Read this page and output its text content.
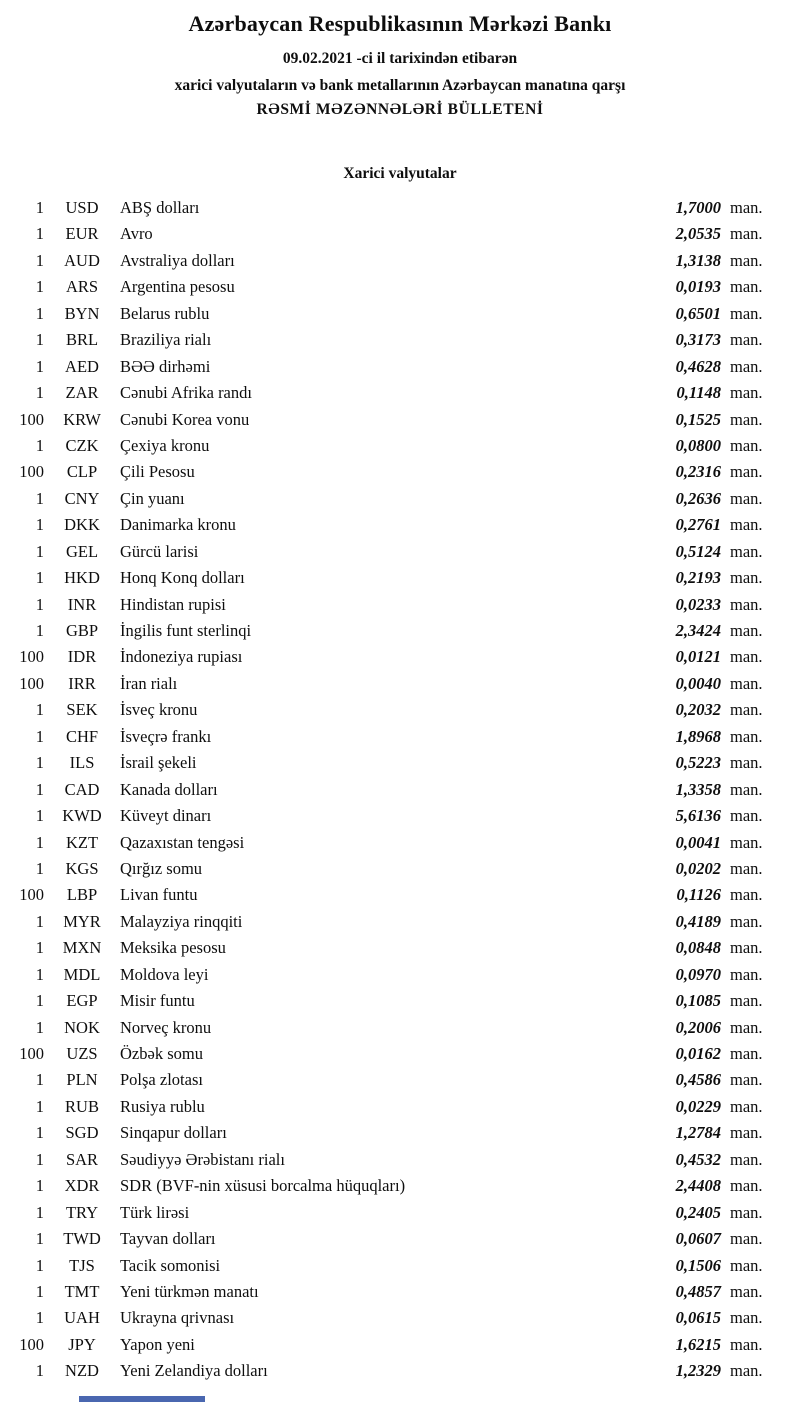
Azərbaycan Respublikasının Mərkəzi Bankı

09.02.2021 -ci il tarixindən etibarən

xarici valyutaların və bank metallarının Azərbaycan manatına qarşı

RƏSMİ MƏZƏNNƏLƏRİ BÜLLETENİ

Xarici valyutalar
1	USD	ABŞ dolları	1,7000 man.
1	EUR	Avro	2,0535 man.
1	AUD	Avstraliya dolları	1,3138 man.
1	ARS	Argentina pesosu	0,0193 man.
1	BYN	Belarus rublu	0,6501 man.
1	BRL	Braziliya rialı	0,3173 man.
1	AED	BƏƏ dirhəmi	0,4628 man.
1	ZAR	Cənubi Afrika randı	0,1148 man.
100	KRW	Cənubi Korea vonu	0,1525 man.
1	CZK	Çexiya kronu	0,0800 man.
100	CLP	Çili Pesosu	0,2316 man.
1	CNY	Çin yuanı	0,2636 man.
1	DKK	Danimarka kronu	0,2761 man.
1	GEL	Gürcü larisi	0,5124 man.
1	HKD	Honq Konq dolları	0,2193 man.
1	INR	Hindistan rupisi	0,0233 man.
1	GBP	İngilis funt sterlinqi	2,3424 man.
100	IDR	İndoneziya rupiası	0,0121 man.
100	IRR	İran rialı	0,0040 man.
1	SEK	İsveç kronu	0,2032 man.
1	CHF	İsveçrə frankı	1,8968 man.
1	ILS	İsrail şekeli	0,5223 man.
1	CAD	Kanada dolları	1,3358 man.
1	KWD	Küveyt dinarı	5,6136 man.
1	KZT	Qazaxıstan tengəsi	0,0041 man.
1	KGS	Qırğız somu	0,0202 man.
100	LBP	Livan funtu	0,1126 man.
1	MYR	Malayziya rinqqiti	0,4189 man.
1	MXN	Meksika pesosu	0,0848 man.
1	MDL	Moldova leyi	0,0970 man.
1	EGP	Misir funtu	0,1085 man.
1	NOK	Norveç kronu	0,2006 man.
100	UZS	Özbək somu	0,0162 man.
1	PLN	Polşa zlotası	0,4586 man.
1	RUB	Rusiya rublu	0,0229 man.
1	SGD	Sinqapur dolları	1,2784 man.
1	SAR	Səudiyyə Ərəbistanı rialı	0,4532 man.
1	XDR	SDR (BVF-nin xüsusi borcalma hüquqları)	2,4408 man.
1	TRY	Türk lirəsi	0,2405 man.
1	TWD	Tayvan dolları	0,0607 man.
1	TJS	Tacik somonisi	0,1506 man.
1	TMT	Yeni türkmən manatı	0,4857 man.
1	UAH	Ukrayna qrivnası	0,0615 man.
100	JPY	Yapon yeni	1,6215 man.
1	NZD	Yeni Zelandiya dolları	1,2329 man.
